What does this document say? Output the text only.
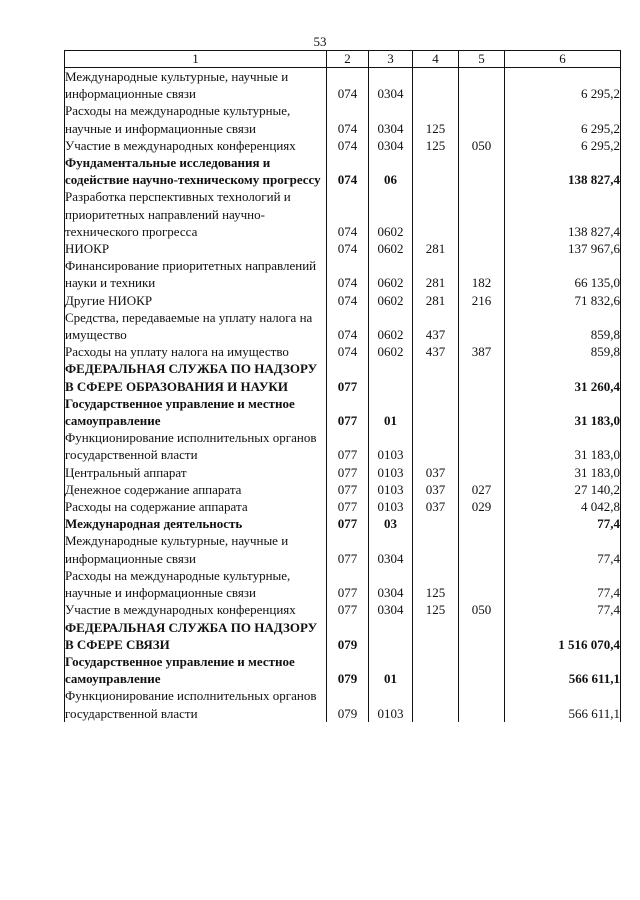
53
1	2	3	4	5	6
Международные культурные, научные и информационные связи	074	0304			6 295,2
Расходы на международные культурные, научные и информационные связи	074	0304	125		6 295,2
Участие в международных конференциях	074	0304	125	050	6 295,2
Фундаментальные исследования и содействие научно-техническому прогрессу	074	06			138 827,4
Разработка перспективных технологий и приоритетных направлений научно-технического прогресса	074	0602			138 827,4
НИОКР	074	0602	281		137 967,6
Финансирование приоритетных направлений науки и техники	074	0602	281	182	66 135,0
Другие НИОКР	074	0602	281	216	71 832,6
Средства, передаваемые на уплату налога на имущество	074	0602	437		859,8
Расходы на уплату налога на имущество	074	0602	437	387	859,8
ФЕДЕРАЛЬНАЯ СЛУЖБА ПО НАДЗОРУ В СФЕРЕ ОБРАЗОВАНИЯ И НАУКИ	077				31 260,4
Государственное управление и местное самоуправление	077	01			31 183,0
Функционирование исполнительных органов государственной власти	077	0103			31 183,0
Центральный аппарат	077	0103	037		31 183,0
Денежное содержание аппарата	077	0103	037	027	27 140,2
Расходы на содержание аппарата	077	0103	037	029	4 042,8
Международная деятельность	077	03			77,4
Международные культурные, научные и информационные связи	077	0304			77,4
Расходы на международные культурные, научные и информационные связи	077	0304	125		77,4
Участие в международных конференциях	077	0304	125	050	77,4
ФЕДЕРАЛЬНАЯ СЛУЖБА ПО НАДЗОРУ В СФЕРЕ СВЯЗИ	079				1 516 070,4
Государственное управление и местное самоуправление	079	01			566 611,1
Функционирование исполнительных органов государственной власти	079	0103			566 611,1
